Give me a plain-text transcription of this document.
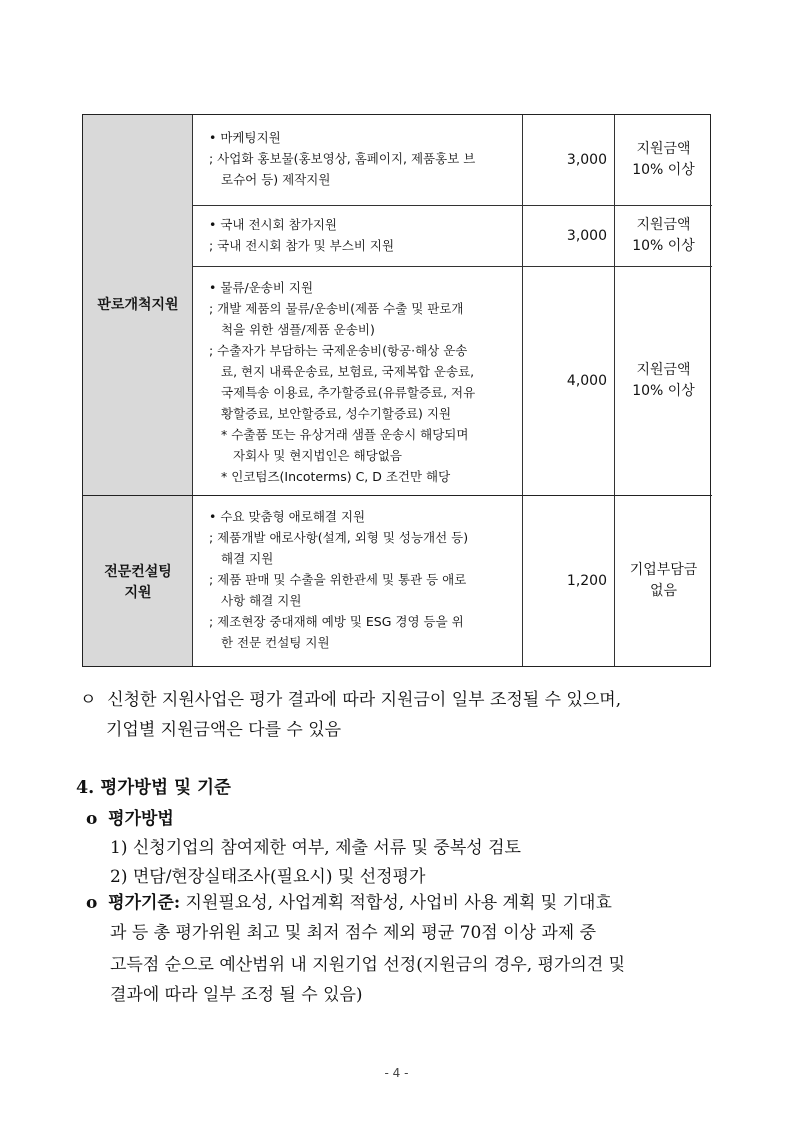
판로개척지원
전문컨설팅
지원
• 마케팅지원
; 사업화 홍보물(홍보영상, 홈페이지, 제품홍보 브
로슈어 등) 제작지원
3,000
지원금액
10% 이상
• 국내 전시회 참가지원
; 국내 전시회 참가 및 부스비 지원
3,000
지원금액
10% 이상
• 물류/운송비 지원
; 개발 제품의 물류/운송비(제품 수출 및 판로개
척을 위한 샘플/제품 운송비)
; 수출자가 부담하는 국제운송비(항공·해상 운송
료, 현지 내륙운송료, 보험료, 국제복합 운송료,
국제특송 이용료, 추가할증료(유류할증료, 저유
황할증료, 보안할증료, 성수기할증료) 지원
* 수출품 또는 유상거래 샘플 운송시 해당되며
자회사 및 현지법인은 해당없음
* 인코텀즈(Incoterms) C, D 조건만 해당
4,000
지원금액
10% 이상
• 수요 맞춤형 애로해결 지원
; 제품개발 애로사항(설계, 외형 및 성능개선 등)
해결 지원
; 제품 판매 및 수출을 위한관세 및 통관 등 애로
사항 해결 지원
; 제조현장 중대재해 예방 및 ESG 경영 등을 위
한 전문 컨설팅 지원
1,200
기업부담금
없음
ㅇ 신청한 지원사업은 평가 결과에 따라 지원금이 일부 조정될 수 있으며,
기업별 지원금액은 다를 수 있음
4. 평가방법 및 기준
o 평가방법
1) 신청기업의 참여제한 여부, 제출 서류 및 중복성 검토
2) 면담/현장실태조사(필요시) 및 선정평가
o 평가기준: 지원필요성, 사업계획 적합성, 사업비 사용 계획 및 기대효
과 등 총 평가위원 최고 및 최저 점수 제외 평균 70점 이상 과제 중
고득점 순으로 예산범위 내 지원기업 선정(지원금의 경우, 평가의견 및
결과에 따라 일부 조정 될 수 있음)
- 4 -
